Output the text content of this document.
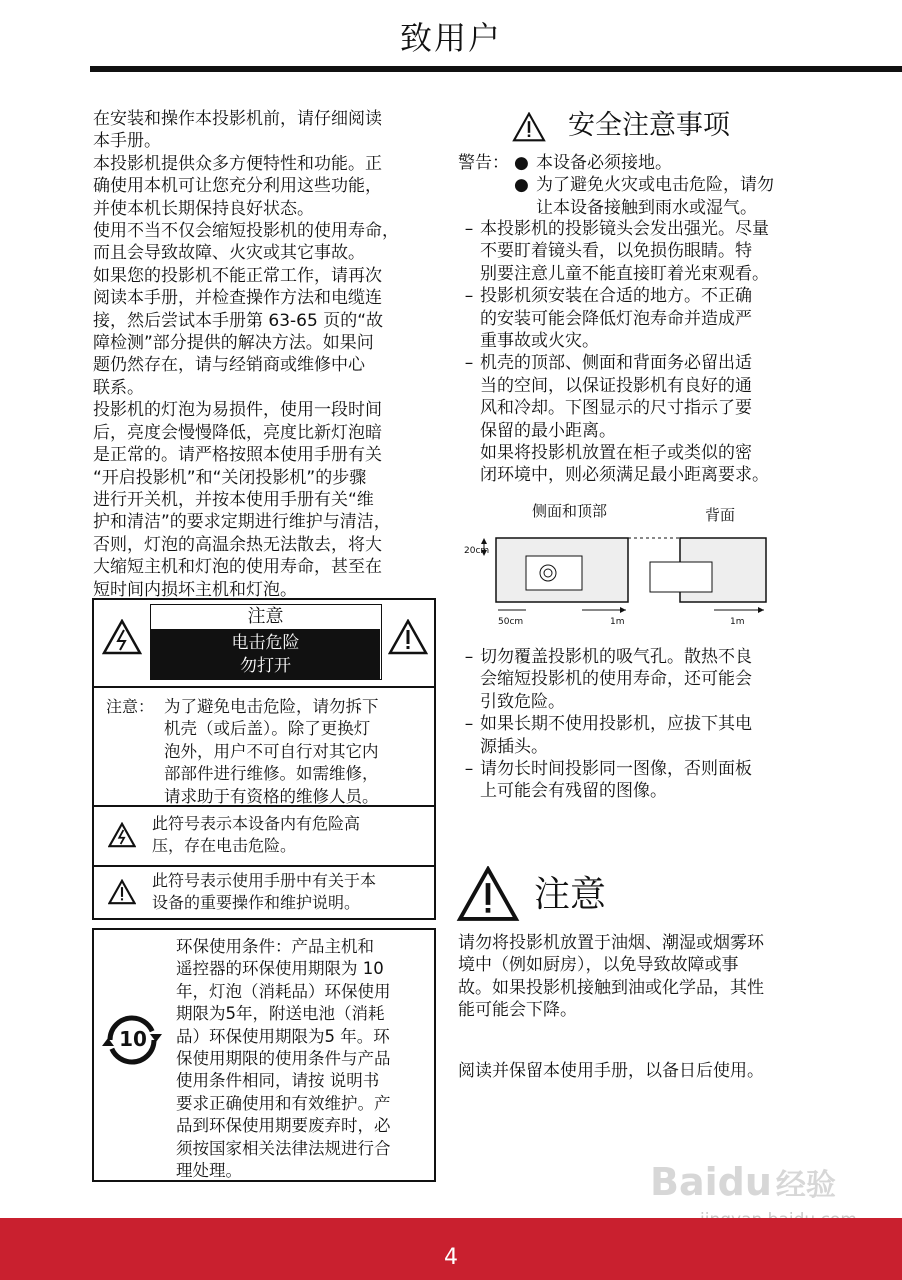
致用户
在安装和操作本投影机前，请仔细阅读
本手册。
本投影机提供众多方便特性和功能。正
确使用本机可让您充分利用这些功能，
并使本机长期保持良好状态。
使用不当不仅会缩短投影机的使用寿命，
而且会导致故障、火灾或其它事故。
如果您的投影机不能正常工作，请再次
阅读本手册，并检查操作方法和电缆连
接，然后尝试本手册第 63-65 页的“故
障检测”部分提供的解决方法。如果问
题仍然存在，请与经销商或维修中心
联系。
投影机的灯泡为易损件，使用一段时间
后，亮度会慢慢降低，亮度比新灯泡暗
是正常的。请严格按照本使用手册有关
“开启投影机”和“关闭投影机”的步骤
进行开关机，并按本使用手册有关“维
护和清洁”的要求定期进行维护与清洁，
否则，灯泡的高温余热无法散去，将大
大缩短主机和灯泡的使用寿命，甚至在
短时间内损坏主机和灯泡。
注意
电击危险
勿打开
注意： 为了避免电击危险，请勿拆下
机壳（或后盖）。除了更换灯
泡外，用户不可自行对其它内
部部件进行维修。如需维修，
请求助于有资格的维修人员。
此符号表示本设备内有危险高
压，存在电击危险。
此符号表示使用手册中有关于本
设备的重要操作和维护说明。
10
环保使用条件：产品主机和
遥控器的环保使用期限为 10
年，灯泡（消耗品）环保使用
期限为5年，附送电池（消耗
品）环保使用期限为5 年。环
保使用期限的使用条件与产品
使用条件相同，请按 说明书
要求正确使用和有效维护。产
品到环保使用期要废弃时，必
须按国家相关法律法规进行合
理处理。
安全注意事项
警告： ● 本设备必须接地。
● 为了避免火灾或电击危险，请勿
让本设备接触到雨水或湿气。
– 本投影机的投影镜头会发出强光。尽量
不要盯着镜头看，以免损伤眼睛。特
别要注意儿童不能直接盯着光束观看。
– 投影机须安装在合适的地方。不正确
的安装可能会降低灯泡寿命并造成严
重事故或火灾。
– 机壳的顶部、侧面和背面务必留出适
当的空间，以保证投影机有良好的通
风和冷却。下图显示的尺寸指示了要
保留的最小距离。
如果将投影机放置在柜子或类似的密
闭环境中，则必须满足最小距离要求。
侧面和顶部	背面
20cm
50cm	1m	1m
– 切勿覆盖投影机的吸气孔。散热不良
会缩短投影机的使用寿命，还可能会
引致危险。
– 如果长期不使用投影机，应拔下其电
源插头。
– 请勿长时间投影同一图像，否则面板
上可能会有残留的图像。
注意
请勿将投影机放置于油烟、潮湿或烟雾环
境中（例如厨房），以免导致故障或事
故。如果投影机接触到油或化学品，其性
能可能会下降。
阅读并保留本使用手册，以备日后使用。
Baidu 经验
4
